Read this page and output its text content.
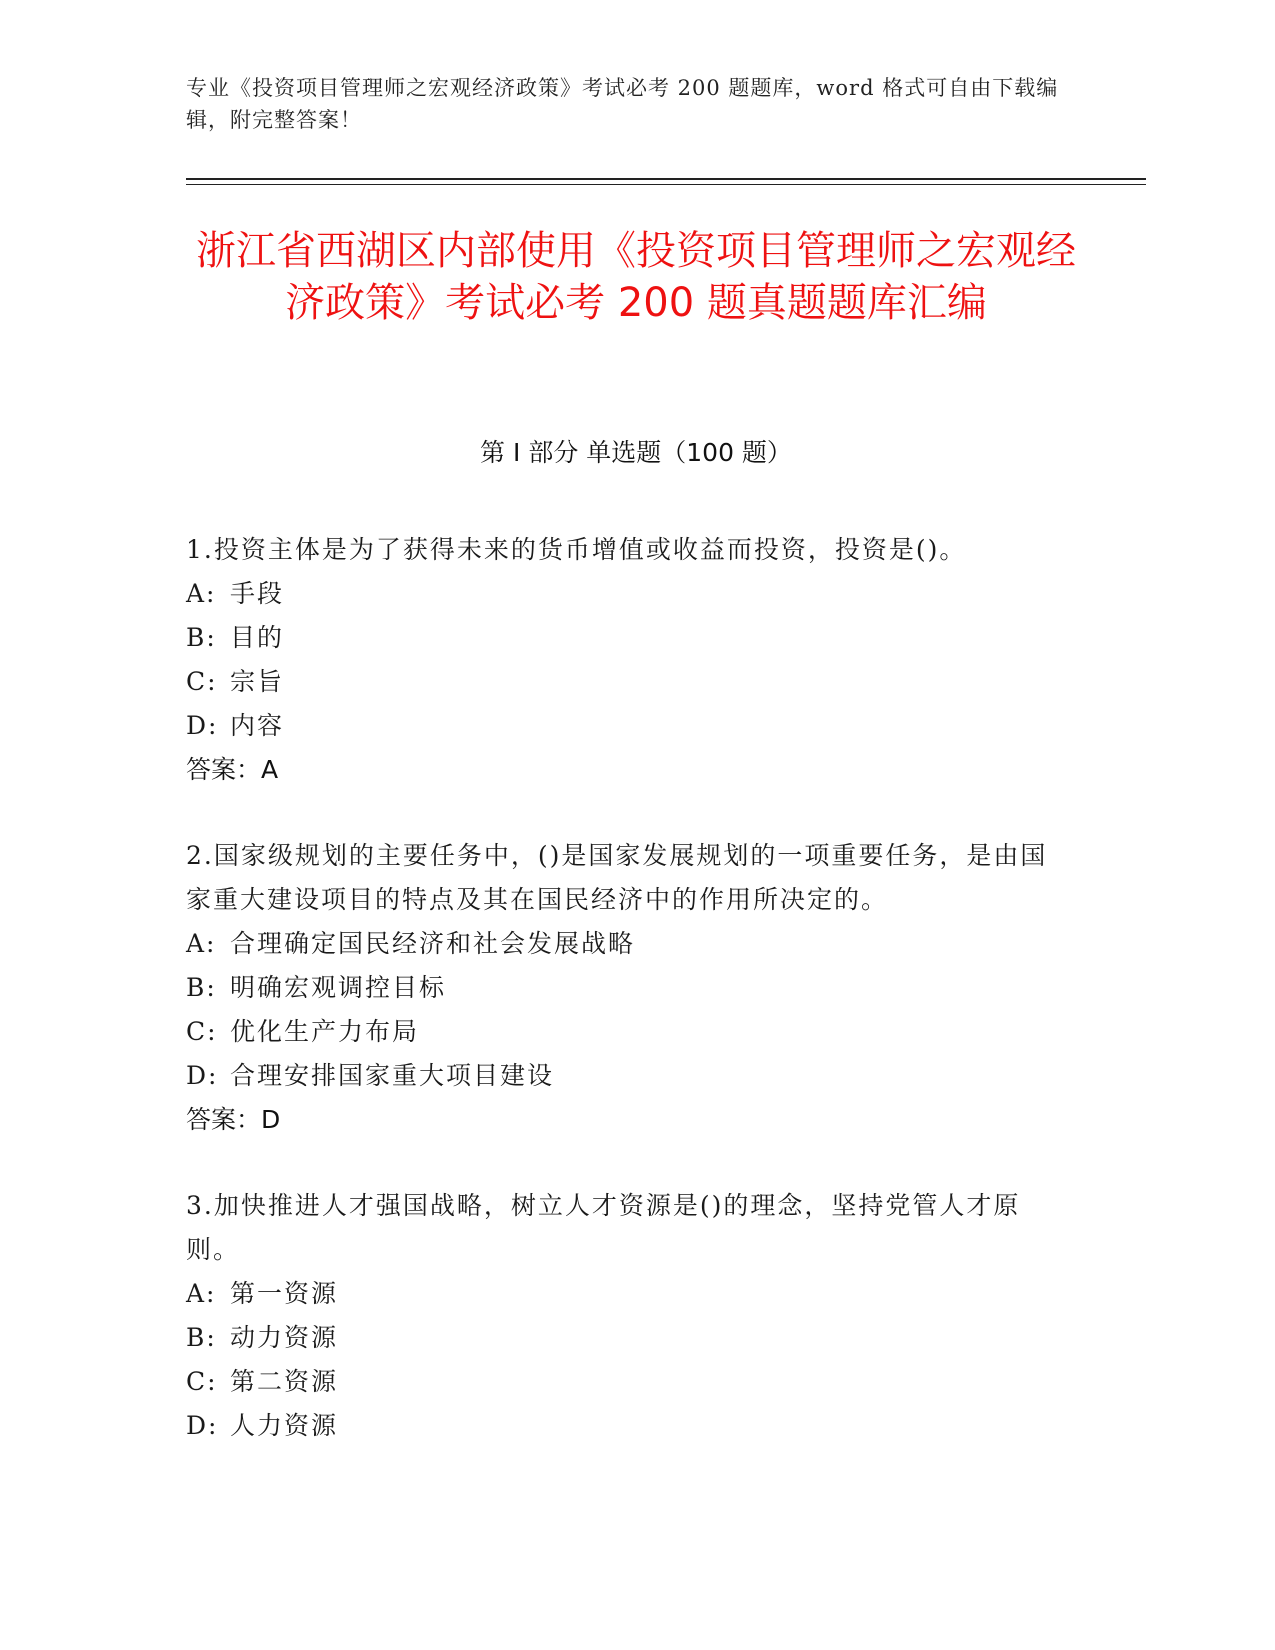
专业《投资项目管理师之宏观经济政策》考试必考 200 题题库，word 格式可自由下载编辑，附完整答案！
浙江省西湖区内部使用《投资项目管理师之宏观经济政策》考试必考 200 题真题题库汇编
第 I 部分 单选题（100 题）
1.投资主体是为了获得未来的货币增值或收益而投资，投资是()。
A: 手段
B: 目的
C: 宗旨
D: 内容
答案：A
2.国家级规划的主要任务中，()是国家发展规划的一项重要任务，是由国家重大建设项目的特点及其在国民经济中的作用所决定的。
A: 合理确定国民经济和社会发展战略
B: 明确宏观调控目标
C: 优化生产力布局
D: 合理安排国家重大项目建设
答案：D
3.加快推进人才强国战略，树立人才资源是()的理念，坚持党管人才原则。
A: 第一资源
B: 动力资源
C: 第二资源
D: 人力资源
